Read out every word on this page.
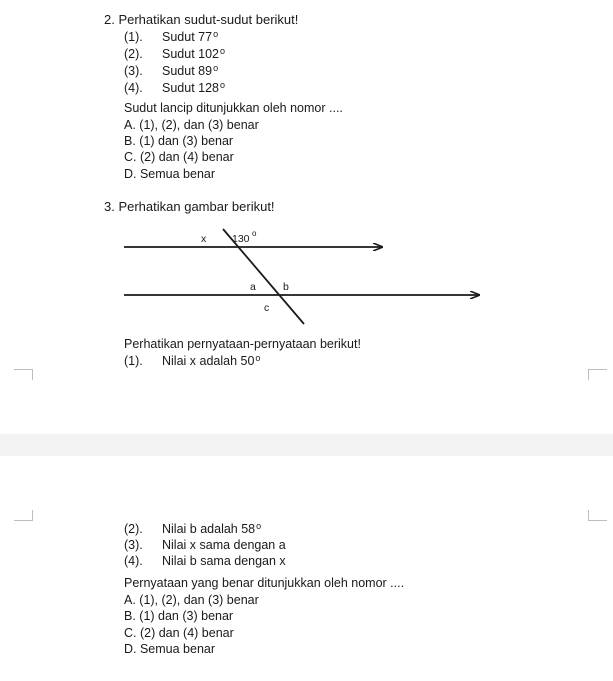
2. Perhatikan sudut-sudut berikut!
(1). Sudut 77$^o$
(2). Sudut 102$^o$
(3). Sudut 89$^o$
(4). Sudut 128$^o$
Sudut lancip ditunjukkan oleh nomor ....
A. (1), (2), dan (3) benar
B. (1) dan (3) benar
C. (2) dan (4) benar
D. Semua benar
3. Perhatikan gambar berikut!
x 130 o
a	b
c
Perhatikan pernyataan-pernyataan berikut!
(1). Nilai x adalah 50$^o$
(2). Nilai b adalah 58$^o$
(3). Nilai x sama dengan a
(4). Nilai b sama dengan x
Pernyataan yang benar ditunjukkan oleh nomor ....
A. (1), (2), dan (3) benar
B. (1) dan (3) benar
C. (2) dan (4) benar
D. Semua benar
